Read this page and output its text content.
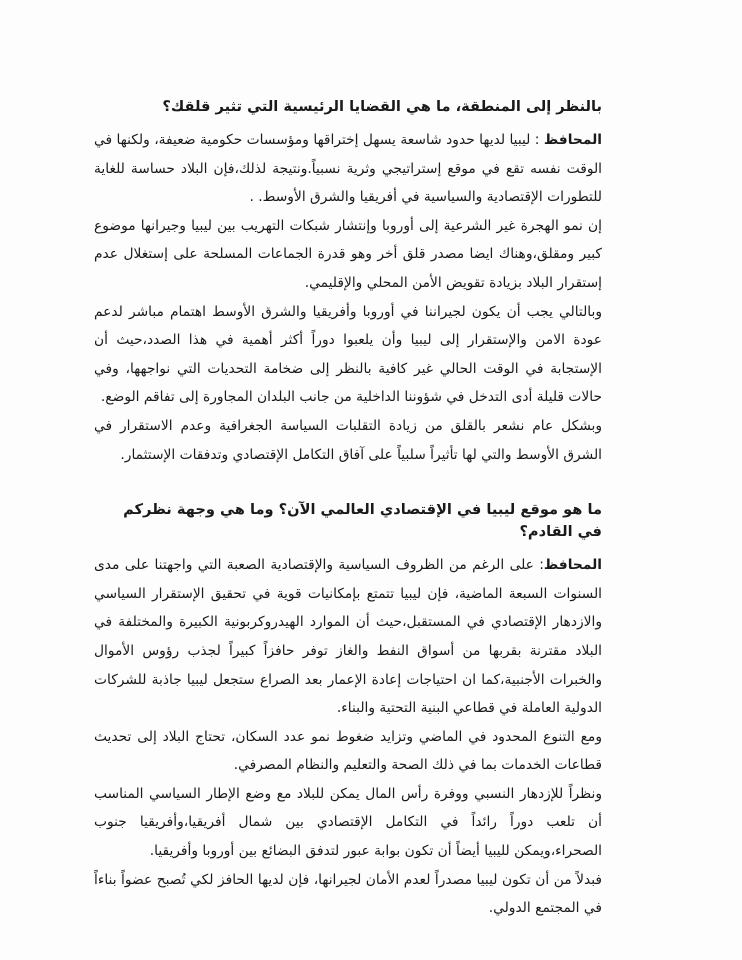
بالنظر إلى المنطقة، ما هي القضايا الرئيسية التي تثير قلقك؟

المحافظ : ليبيا لديها حدود شاسعة يسهل إختراقها ومؤسسات حكومية ضعيفة، ولكنها في الوقت نفسه تقع في موقع إستراتيجي وثرية نسبياً.ونتيجة لذلك،فإن البلاد حساسة للغاية للتطورات الإقتصادية والسياسية في أفريقيا والشرق الأوسط. .

إن نمو الهجرة غير الشرعية إلى أوروبا وإنتشار شبكات التهريب بين ليبيا وجيرانها موضوع كبير ومقلق،وهناك ايضا مصدر قلق أخر وهو قدرة الجماعات المسلحة على إستغلال عدم إستقرار البلاد بزيادة تقويض الأمن المحلي والإقليمي.

وبالتالي يجب أن يكون لجيراننا في أوروبا وأفريقيا والشرق الأوسط اهتمام مباشر لدعم عودة الامن والإستقرار إلى ليبيا وأن يلعبوا دوراً أكثر أهمية في هذا الصدد،حيث أن الإستجابة في الوقت الحالي غير كافية بالنظر إلى ضخامة التحديات التي نواجهها، وفي حالات قليلة أدى التدخل في شؤوننا الداخلية من جانب البلدان المجاورة إلى تفاقم الوضع.

وبشكل عام نشعر بالقلق من زيادة التقلبات السياسة الجغرافية وعدم الاستقرار في الشرق الأوسط والتي لها تأثيراً سلبياً على آفاق التكامل الإقتصادي وتدفقات الإستثمار.

ما هو موقع ليبيا في الإقتصادي العالمي الآن؟ وما هي وجهة نظركم في القادم؟

المحافظ: على الرغم من الظروف السياسية والإقتصادية الصعبة التي واجهتنا على مدى السنوات السبعة الماضية، فإن ليبيا تتمتع بإمكانيات قوية في تحقيق الإستقرار السياسي والازدهار الإقتصادي في المستقبل،حيث أن الموارد الهيدروكربونية الكبيرة والمختلفة في البلاد مقترنة بقربها من أسواق النفط والغاز توفر حافزاً كبيراً لجذب رؤوس الأموال والخبرات الأجنبية،كما ان احتياجات إعادة الإعمار بعد الصراع ستجعل ليبيا جاذبة للشركات الدولية العاملة في قطاعي البنية التحتية والبناء.

ومع التنوع المحدود في الماضي وتزايد ضغوط نمو عدد السكان، تحتاج البلاد إلى تحديث قطاعات الخدمات بما في ذلك الصحة والتعليم والنظام المصرفي.

ونظراً للإزدهار النسبي ووفرة رأس المال يمكن للبلاد مع وضع الإطار السياسي المناسب أن تلعب دوراً رائداً في التكامل الإقتصادي بين شمال أفريقيا،وأفريقيا جنوب الصحراء،ويمكن لليبيا أيضاً أن تكون بوابة عبور لتدفق البضائع بين أوروبا وأفريقيا.

فبدلاً من أن تكون ليبيا مصدراً لعدم الأمان لجيرانها، فإن لديها الحافز لكي تُصبح عضواً بناءاً في المجتمع الدولي.
